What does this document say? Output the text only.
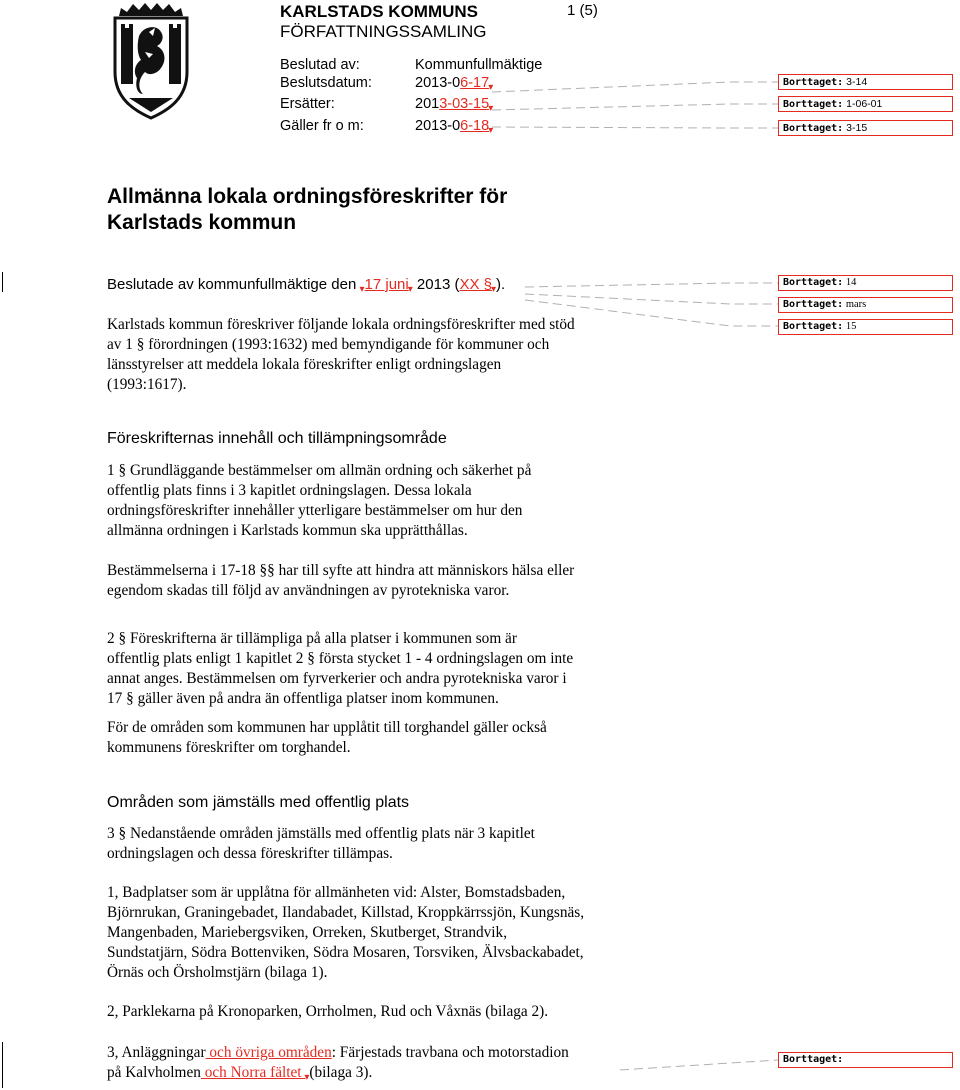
KARLSTADS KOMMUNS
FÖRFATTNINGSSAMLING
1 (5)
Beslutad av:	Kommunfullmäktige
Beslutsdatum:	$2013-06-17_▾$
Ersätter:	$2013-03-15_▾$
Gäller fr o m:	$2013-06-18_▾$
Borttaget: 3-14
Borttaget: 1-06-01
Borttaget: 3-15
Borttaget: 14
Borttaget: mars
Borttaget: 15
Borttaget:
Allmänna lokala ordningsföreskrifter för
Karlstads kommun
Beslutade av kommunfullmäktige den $_▾$17 juni$_▾$ 2013 (XX $\S_▾$).
Karlstads kommun föreskriver följande lokala ordningsföreskrifter med stöd
av 1 § förordningen (1993:1632) med bemyndigande för kommuner och
länsstyrelser att meddela lokala föreskrifter enligt ordningslagen
(1993:1617).
Föreskrifternas innehåll och tillämpningsområde
1 § Grundläggande bestämmelser om allmän ordning och säkerhet på
offentlig plats finns i 3 kapitlet ordningslagen. Dessa lokala
ordningsföreskrifter innehåller ytterligare bestämmelser om hur den
allmänna ordningen i Karlstads kommun ska upprätthållas.
Bestämmelserna i 17-18 §§ har till syfte att hindra att människors hälsa eller
egendom skadas till följd av användningen av pyrotekniska varor.
2 § Föreskrifterna är tillämpliga på alla platser i kommunen som är
offentlig plats enligt 1 kapitlet 2 § första stycket 1 - 4 ordningslagen om inte
annat anges. Bestämmelsen om fyrverkerier och andra pyrotekniska varor i
17 § gäller även på andra än offentliga platser inom kommunen.
För de områden som kommunen har upplåtit till torghandel gäller också
kommunens föreskrifter om torghandel.
Områden som jämställs med offentlig plats
3 § Nedanstående områden jämställs med offentlig plats när 3 kapitlet
ordningslagen och dessa föreskrifter tillämpas.
1, Badplatser som är upplåtna för allmänheten vid: Alster, Bomstadsbaden,
Björnrukan, Graningebadet, Ilandabadet, Killstad, Kroppkärrssjön, Kungsnäs,
Mangenbaden, Mariebergsviken, Orreken, Skutberget, Strandvik,
Sundstatjärn, Södra Bottenviken, Södra Mosaren, Torsviken, Älvsbackabadet,
Örnäs och Örsholmstjärn (bilaga 1).
2, Parklekarna på Kronoparken, Orrholmen, Rud och Våxnäs (bilaga 2).
3, Anläggningar och övriga områden: Färjestads travbana och motorstadion
på Kalvholmen och Norra fältet ▾(bilaga 3).
